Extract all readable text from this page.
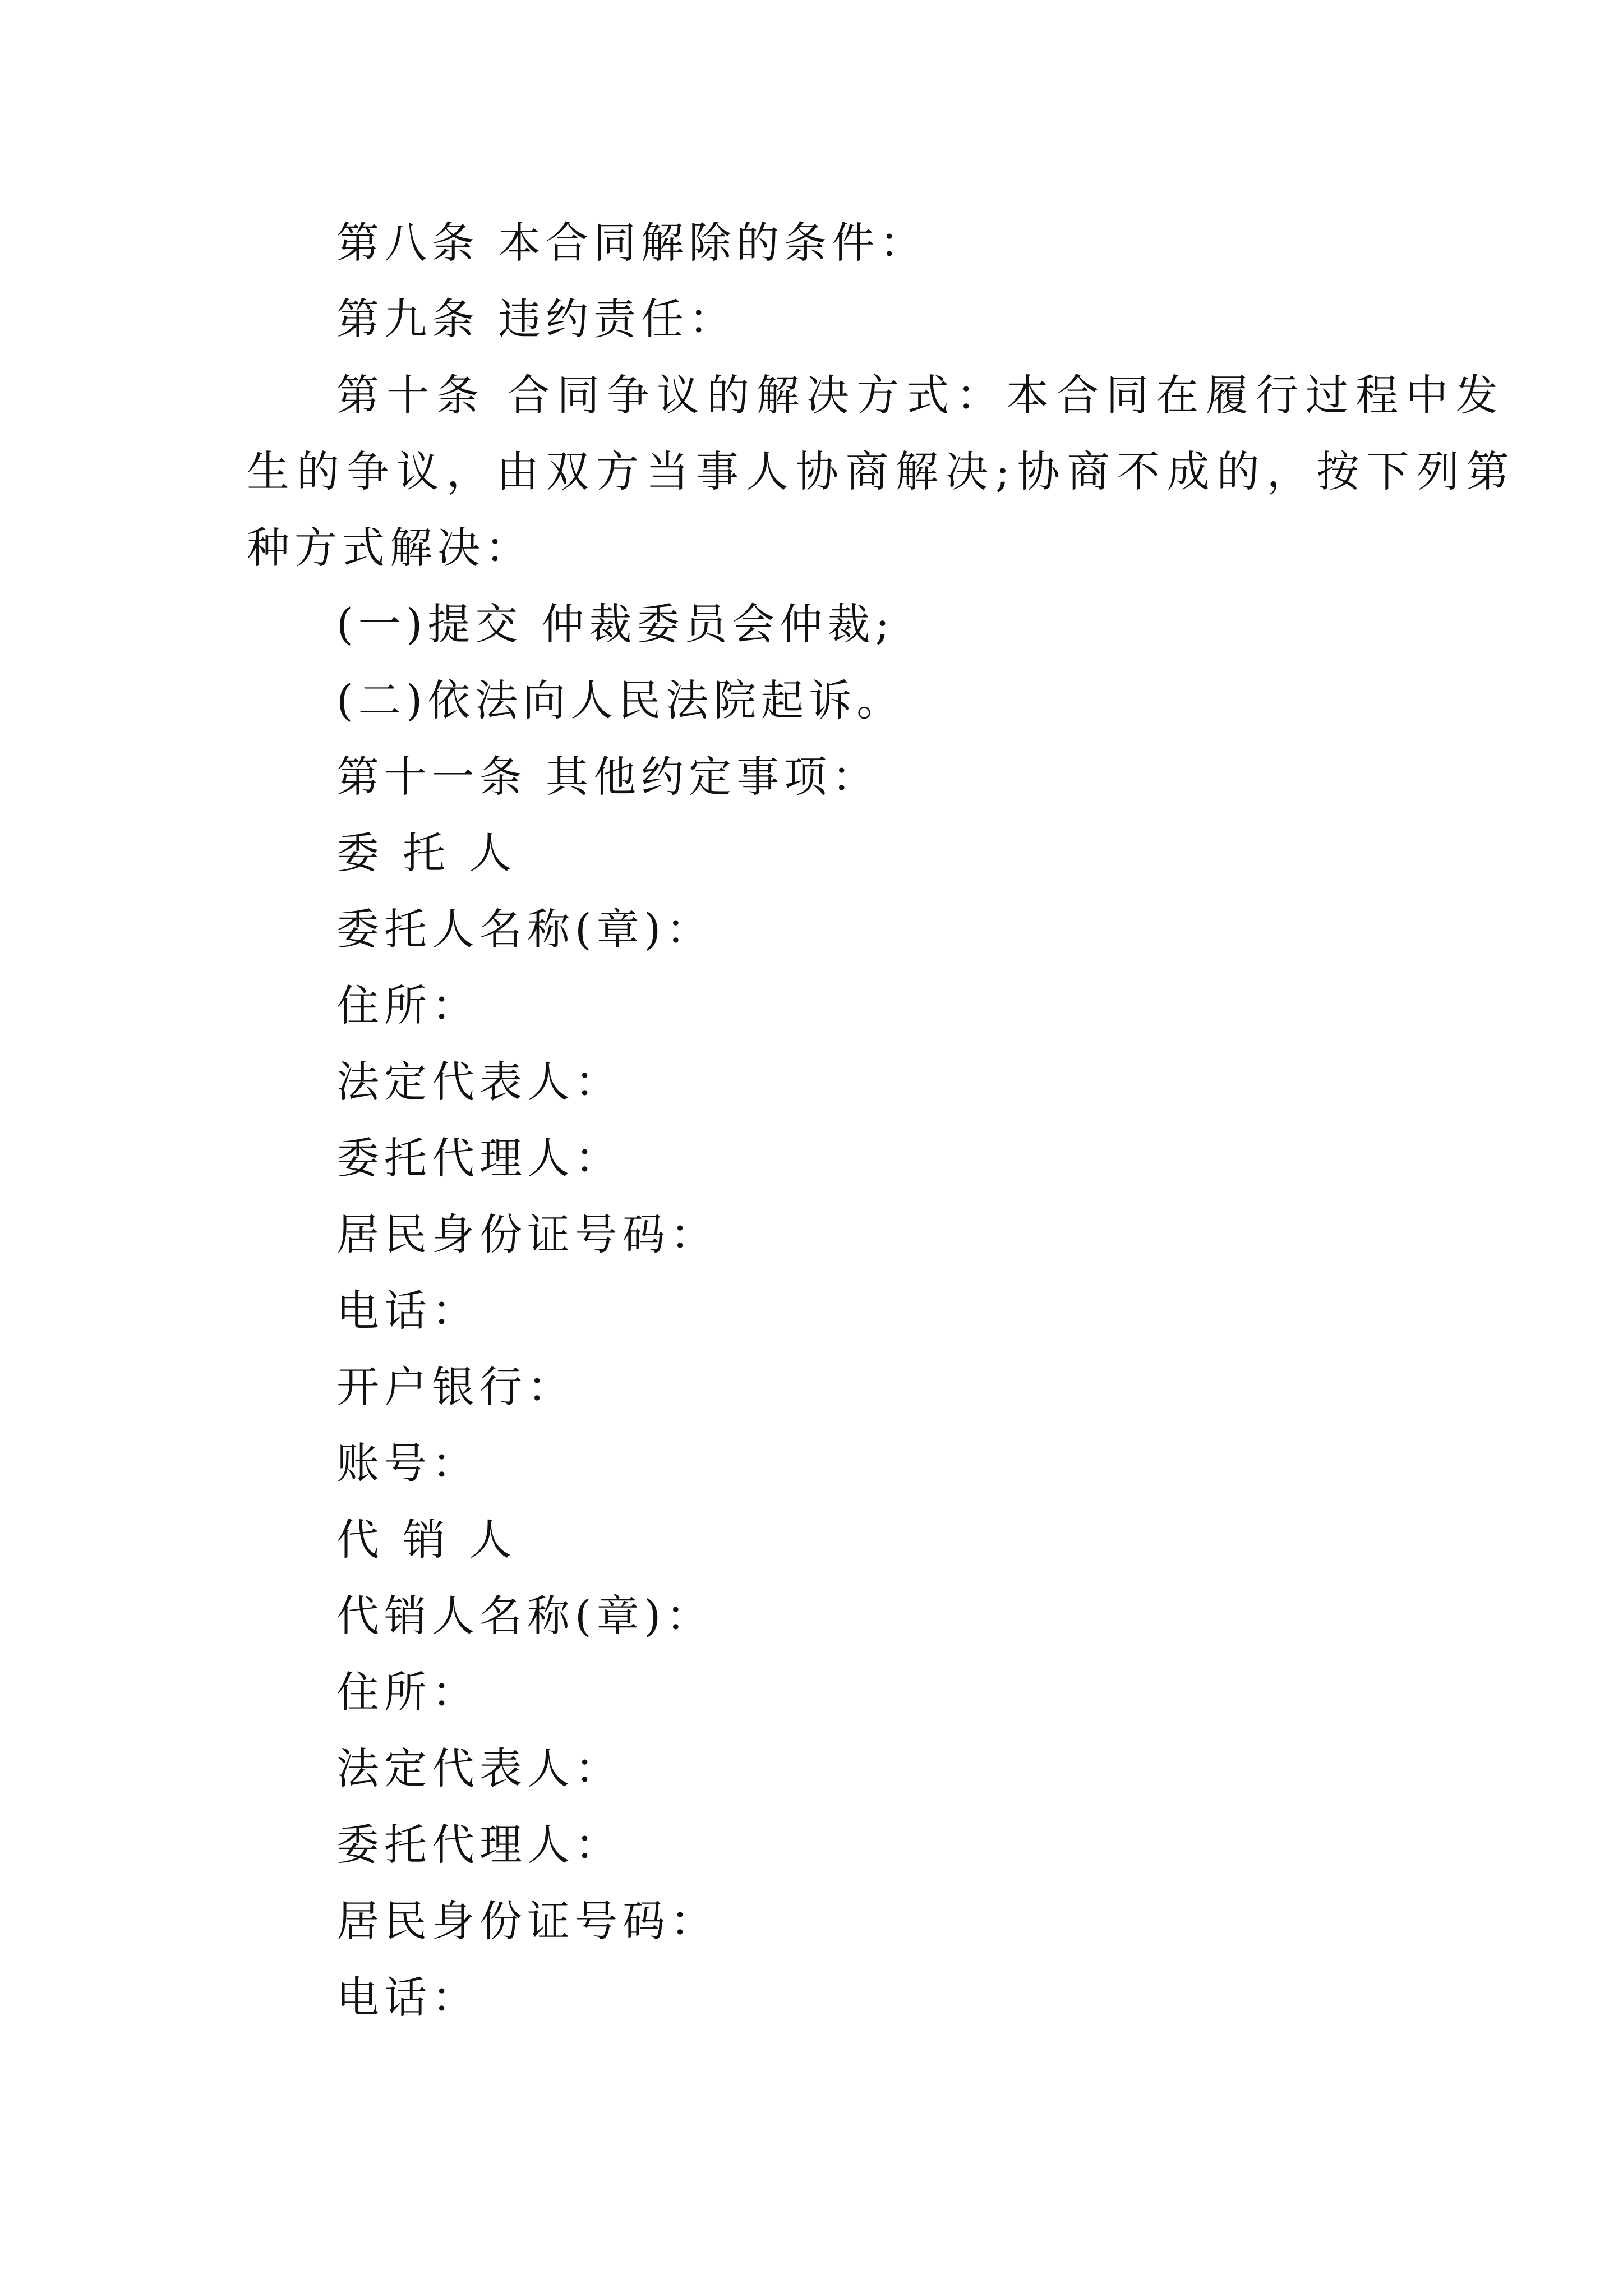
第八条 本合同解除的条件：
第九条 违约责任：
第十条 合同争议的解决方式：本合同在履行过程中发
生的争议，由双方当事人协商解决;协商不成的，按下列第
种方式解决：
(一)提交 仲裁委员会仲裁;
(二)依法向人民法院起诉。
第十一条 其他约定事项：
委 托 人
委托人名称(章)：
住所：
法定代表人：
委托代理人：
居民身份证号码：
电话：
开户银行：
账号：
代 销 人
代销人名称(章)：
住所：
法定代表人：
委托代理人：
居民身份证号码：
电话：
